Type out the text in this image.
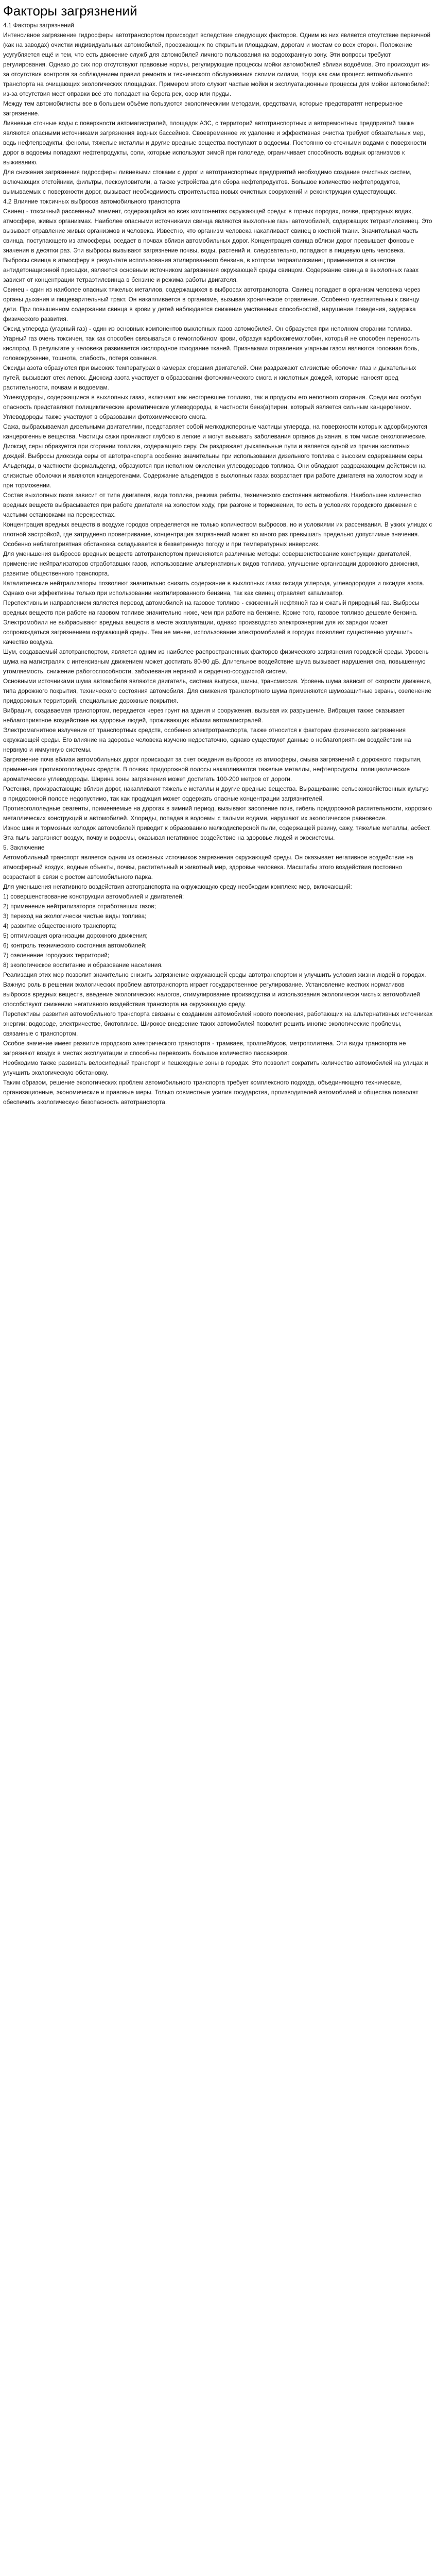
Факторы загрязнений

4.1 Факторы загрязнений

Интенсивное загрязнение гидросферы автотранспортом происходит вследствие следующих факторов. Одним из них является отсутствие первичной (как на заводах) очистки индивидуальных автомобилей, проезжающих по открытым площадкам, дорогам и мостам со всех сторон. Положение усугубляется ещё и тем, что есть движение служб для автомобилей личного пользования на водоохранную зону. Эти вопросы требуют регулирования. Однако до сих пор отсутствуют правовые нормы, регулирующие процессы мойки автомобилей вблизи водоёмов. Это происходит из-за отсутствия контроля за соблюдением правил ремонта и технического обслуживания своими силами, тогда как сам процесс автомобильного транспорта на очищающих экологических площадках. Примером этого служит частые мойки и эксплуатационные процессы для мойки автомобилей: из-за отсутствия мест оправки всё это попадает на берега рек, озер или пруды.

Между тем автомобилисты все в большем объёме пользуются экологическими методами, средствами, которые предотвратят непрерывное загрязнение.

Ливневые сточные воды с поверхности автомагистралей, площадок АЗС, с территорий автотранспортных и авторемонтных предприятий также являются опасными источниками загрязнения водных бассейнов. Своевременное их удаление и эффективная очистка требуют обязательных мер, ведь нефтепродукты, фенолы, тяжелые металлы и другие вредные вещества поступают в водоемы. Постоянно со сточными водами с поверхности дорог в водоемы попадают нефтепродукты, соли, которые используют зимой при гололеде, ограничивает способность водных организмов к выживанию.

Для снижения загрязнения гидросферы ливневыми стоками с дорог и автотранспортных предприятий необходимо создание очистных систем, включающих отстойники, фильтры, пескоуловители, а также устройства для сбора нефтепродуктов. Большое количество нефтепродуктов, вымываемых с поверхности дорог, вызывает необходимость строительства новых очистных сооружений и реконструкции существующих.

4.2 Влияние токсичных выбросов автомобильного транспорта

Свинец - токсичный рассеянный элемент, содержащийся во всех компонентах окружающей среды: в горных породах, почве, природных водах, атмосфере, живых организмах. Наиболее опасными источниками свинца являются выхлопные газы автомобилей, содержащих тетраэтилсвинец. Это вызывает отравление живых организмов и человека. Известно, что организм человека накапливает свинец в костной ткани. Значительная часть свинца, поступающего из атмосферы, оседает в почвах вблизи автомобильных дорог. Концентрация свинца вблизи дорог превышает фоновые значения в десятки раз. Эти выбросы вызывают загрязнение почвы, воды, растений и, следовательно, попадают в пищевую цепь человека.

Выбросы свинца в атмосферу в результате использования этилированного бензина, в котором тетраэтилсвинец применяется в качестве антидетонационной присадки, являются основным источником загрязнения окружающей среды свинцом. Содержание свинца в выхлопных газах зависит от концентрации тетраэтилсвинца в бензине и режима работы двигателя.

Свинец - один из наиболее опасных тяжелых металлов, содержащихся в выбросах автотранспорта. Свинец попадает в организм человека через органы дыхания и пищеварительный тракт. Он накапливается в организме, вызывая хроническое отравление. Особенно чувствительны к свинцу дети. При повышенном содержании свинца в крови у детей наблюдается снижение умственных способностей, нарушение поведения, задержка физического развития.

Оксид углерода (угарный газ) - один из основных компонентов выхлопных газов автомобилей. Он образуется при неполном сгорании топлива. Угарный газ очень токсичен, так как способен связываться с гемоглобином крови, образуя карбоксигемоглобин, который не способен переносить кислород. В результате у человека развивается кислородное голодание тканей. Признаками отравления угарным газом являются головная боль, головокружение, тошнота, слабость, потеря сознания.

Оксиды азота образуются при высоких температурах в камерах сгорания двигателей. Они раздражают слизистые оболочки глаз и дыхательных путей, вызывают отек легких. Диоксид азота участвует в образовании фотохимического смога и кислотных дождей, которые наносят вред растительности, почвам и водоемам.

Углеводороды, содержащиеся в выхлопных газах, включают как несгоревшее топливо, так и продукты его неполного сгорания. Среди них особую опасность представляют полициклические ароматические углеводороды, в частности бенз(а)пирен, который является сильным канцерогеном. Углеводороды также участвуют в образовании фотохимического смога.

Сажа, выбрасываемая дизельными двигателями, представляет собой мелкодисперсные частицы углерода, на поверхности которых адсорбируются канцерогенные вещества. Частицы сажи проникают глубоко в легкие и могут вызывать заболевания органов дыхания, в том числе онкологические.

Диоксид серы образуется при сгорании топлива, содержащего серу. Он раздражает дыхательные пути и является одной из причин кислотных дождей. Выбросы диоксида серы от автотранспорта особенно значительны при использовании дизельного топлива с высоким содержанием серы.

Альдегиды, в частности формальдегид, образуются при неполном окислении углеводородов топлива. Они обладают раздражающим действием на слизистые оболочки и являются канцерогенами. Содержание альдегидов в выхлопных газах возрастает при работе двигателя на холостом ходу и при торможении.

Состав выхлопных газов зависит от типа двигателя, вида топлива, режима работы, технического состояния автомобиля. Наибольшее количество вредных веществ выбрасывается при работе двигателя на холостом ходу, при разгоне и торможении, то есть в условиях городского движения с частыми остановками на перекрестках.

Концентрация вредных веществ в воздухе городов определяется не только количеством выбросов, но и условиями их рассеивания. В узких улицах с плотной застройкой, где затруднено проветривание, концентрация загрязнений может во много раз превышать предельно допустимые значения. Особенно неблагоприятная обстановка складывается в безветренную погоду и при температурных инверсиях.

Для уменьшения выбросов вредных веществ автотранспортом применяются различные методы: совершенствование конструкции двигателей, применение нейтрализаторов отработавших газов, использование альтернативных видов топлива, улучшение организации дорожного движения, развитие общественного транспорта.

Каталитические нейтрализаторы позволяют значительно снизить содержание в выхлопных газах оксида углерода, углеводородов и оксидов азота. Однако они эффективны только при использовании неэтилированного бензина, так как свинец отравляет катализатор.

Перспективным направлением является перевод автомобилей на газовое топливо - сжиженный нефтяной газ и сжатый природный газ. Выбросы вредных веществ при работе на газовом топливе значительно ниже, чем при работе на бензине. Кроме того, газовое топливо дешевле бензина.

Электромобили не выбрасывают вредных веществ в месте эксплуатации, однако производство электроэнергии для их зарядки может сопровождаться загрязнением окружающей среды. Тем не менее, использование электромобилей в городах позволяет существенно улучшить качество воздуха.

Шум, создаваемый автотранспортом, является одним из наиболее распространенных факторов физического загрязнения городской среды. Уровень шума на магистралях с интенсивным движением может достигать 80-90 дБ. Длительное воздействие шума вызывает нарушения сна, повышенную утомляемость, снижение работоспособности, заболевания нервной и сердечно-сосудистой систем.

Основными источниками шума автомобиля являются двигатель, система выпуска, шины, трансмиссия. Уровень шума зависит от скорости движения, типа дорожного покрытия, технического состояния автомобиля. Для снижения транспортного шума применяются шумозащитные экраны, озеленение придорожных территорий, специальные дорожные покрытия.

Вибрация, создаваемая транспортом, передается через грунт на здания и сооружения, вызывая их разрушение. Вибрация также оказывает неблагоприятное воздействие на здоровье людей, проживающих вблизи автомагистралей.

Электромагнитное излучение от транспортных средств, особенно электротранспорта, также относится к факторам физического загрязнения окружающей среды. Его влияние на здоровье человека изучено недостаточно, однако существуют данные о неблагоприятном воздействии на нервную и иммунную системы.

Загрязнение почв вблизи автомобильных дорог происходит за счет оседания выбросов из атмосферы, смыва загрязнений с дорожного покрытия, применения противогололедных средств. В почвах придорожной полосы накапливаются тяжелые металлы, нефтепродукты, полициклические ароматические углеводороды. Ширина зоны загрязнения может достигать 100-200 метров от дороги.

Растения, произрастающие вблизи дорог, накапливают тяжелые металлы и другие вредные вещества. Выращивание сельскохозяйственных культур в придорожной полосе недопустимо, так как продукция может содержать опасные концентрации загрязнителей.

Противогололедные реагенты, применяемые на дорогах в зимний период, вызывают засоление почв, гибель придорожной растительности, коррозию металлических конструкций и автомобилей. Хлориды, попадая в водоемы с талыми водами, нарушают их экологическое равновесие.

Износ шин и тормозных колодок автомобилей приводит к образованию мелкодисперсной пыли, содержащей резину, сажу, тяжелые металлы, асбест. Эта пыль загрязняет воздух, почву и водоемы, оказывая негативное воздействие на здоровье людей и экосистемы.

5. Заключение

Автомобильный транспорт является одним из основных источников загрязнения окружающей среды. Он оказывает негативное воздействие на атмосферный воздух, водные объекты, почвы, растительный и животный мир, здоровье человека. Масштабы этого воздействия постоянно возрастают в связи с ростом автомобильного парка.

Для уменьшения негативного воздействия автотранспорта на окружающую среду необходим комплекс мер, включающий:

1) совершенствование конструкции автомобилей и двигателей;

2) применение нейтрализаторов отработавших газов;

3) переход на экологически чистые виды топлива;

4) развитие общественного транспорта;

5) оптимизация организации дорожного движения;

6) контроль технического состояния автомобилей;

7) озеленение городских территорий;

8) экологическое воспитание и образование населения.

Реализация этих мер позволит значительно снизить загрязнение окружающей среды автотранспортом и улучшить условия жизни людей в городах.

Важную роль в решении экологических проблем автотранспорта играет государственное регулирование. Установление жестких нормативов выбросов вредных веществ, введение экологических налогов, стимулирование производства и использования экологически чистых автомобилей способствуют снижению негативного воздействия транспорта на окружающую среду.

Перспективы развития автомобильного транспорта связаны с созданием автомобилей нового поколения, работающих на альтернативных источниках энергии: водороде, электричестве, биотопливе. Широкое внедрение таких автомобилей позволит решить многие экологические проблемы, связанные с транспортом.

Особое значение имеет развитие городского электрического транспорта - трамваев, троллейбусов, метрополитена. Эти виды транспорта не загрязняют воздух в местах эксплуатации и способны перевозить большое количество пассажиров.

Необходимо также развивать велосипедный транспорт и пешеходные зоны в городах. Это позволит сократить количество автомобилей на улицах и улучшить экологическую обстановку.

Таким образом, решение экологических проблем автомобильного транспорта требует комплексного подхода, объединяющего технические, организационные, экономические и правовые меры. Только совместные усилия государства, производителей автомобилей и общества позволят обеспечить экологическую безопасность автотранспорта.
